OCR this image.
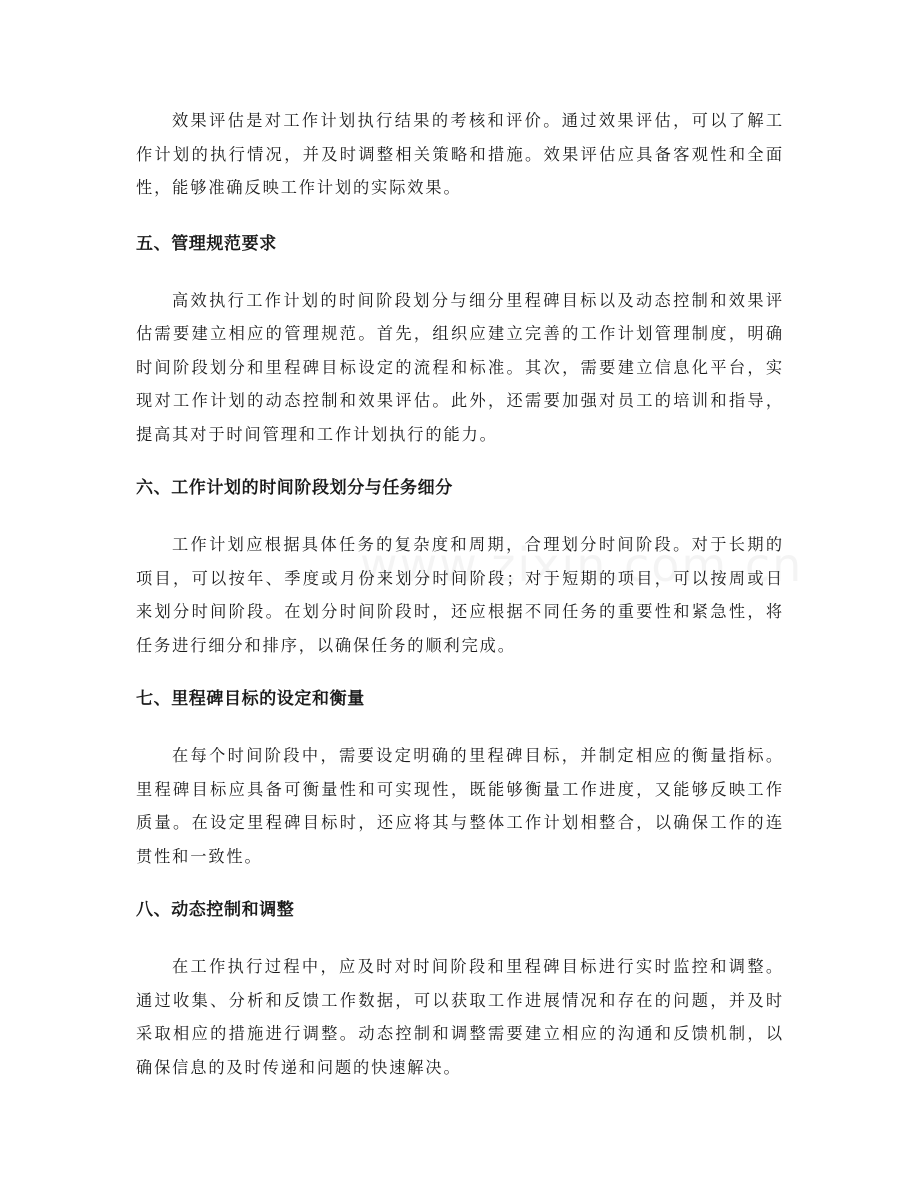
效果评估是对工作计划执行结果的考核和评价。通过效果评估，可以了解工作计划的执行情况，并及时调整相关策略和措施。效果评估应具备客观性和全面性，能够准确反映工作计划的实际效果。

五、管理规范要求

高效执行工作计划的时间阶段划分与细分里程碑目标以及动态控制和效果评估需要建立相应的管理规范。首先，组织应建立完善的工作计划管理制度，明确时间阶段划分和里程碑目标设定的流程和标准。其次，需要建立信息化平台，实现对工作计划的动态控制和效果评估。此外，还需要加强对员工的培训和指导，提高其对于时间管理和工作计划执行的能力。

六、工作计划的时间阶段划分与任务细分

工作计划应根据具体任务的复杂度和周期，合理划分时间阶段。对于长期的项目，可以按年、季度或月份来划分时间阶段；对于短期的项目，可以按周或日来划分时间阶段。在划分时间阶段时，还应根据不同任务的重要性和紧急性，将任务进行细分和排序，以确保任务的顺利完成。

七、里程碑目标的设定和衡量

在每个时间阶段中，需要设定明确的里程碑目标，并制定相应的衡量指标。里程碑目标应具备可衡量性和可实现性，既能够衡量工作进度，又能够反映工作质量。在设定里程碑目标时，还应将其与整体工作计划相整合，以确保工作的连贯性和一致性。

八、动态控制和调整

在工作执行过程中，应及时对时间阶段和里程碑目标进行实时监控和调整。通过收集、分析和反馈工作数据，可以获取工作进展情况和存在的问题，并及时采取相应的措施进行调整。动态控制和调整需要建立相应的沟通和反馈机制，以确保信息的及时传递和问题的快速解决。
